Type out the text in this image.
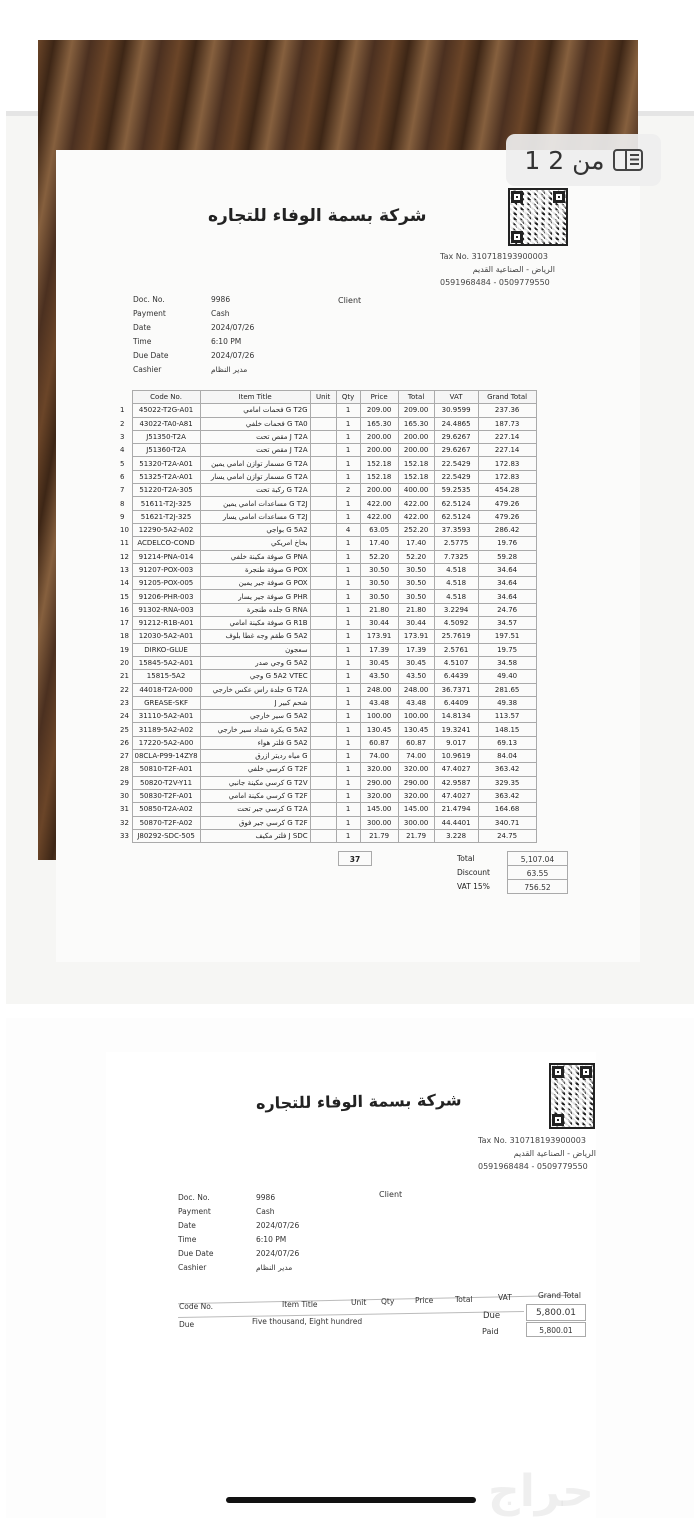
1 من 2
شركة بسمة الوفاء للتجاره
Tax No. 310718193900003
الرياض - الصناعية القديم
0591968484 - 0509779550
Doc. No.	9986
Payment	Cash
Date	2024/07/26
Time	6:10 PM
Due Date	2024/07/26
Cashier	مدير النظام
Client
	Code No.	Item Title	Unit	Qty	Price	Total	VAT	Grand Total
1	45022-T2G-A01	G T2G فحمات امامي		1	209.00	209.00	30.9599	237.36
2	43022-TA0-A81	G TA0 فحمات خلفي		1	165.30	165.30	24.4865	187.73
3	J51350-T2A	J T2A مقص تحت		1	200.00	200.00	29.6267	227.14
4	J51360-T2A	J T2A مقص تحت		1	200.00	200.00	29.6267	227.14
5	51320-T2A-A01	G T2A مسمار توازن امامي يمين		1	152.18	152.18	22.5429	172.83
6	51325-T2A-A01	G T2A مسمار توازن امامي يسار		1	152.18	152.18	22.5429	172.83
7	51220-T2A-305	G T2A ركبة تحت		2	200.00	400.00	59.2535	454.28
8	51611-T2J-325	G T2J مساعدات امامي يمين		1	422.00	422.00	62.5124	479.26
9	51621-T2J-325	G T2J مساعدات امامي يسار		1	422.00	422.00	62.5124	479.26
10	12290-5A2-A02	G 5A2 بواجي		4	63.05	252.20	37.3593	286.42
11	ACDELCO-COND	بخاخ امريكي		1	17.40	17.40	2.5775	19.76
12	91214-PNA-014	G PNA صوفة مكينة خلفي		1	52.20	52.20	7.7325	59.28
13	91207-POX-003	G POX صوفة طنجرة		1	30.50	30.50	4.518	34.64
14	91205-POX-005	G POX صوفة جير يمين		1	30.50	30.50	4.518	34.64
15	91206-PHR-003	G PHR صوفة جير يسار		1	30.50	30.50	4.518	34.64
16	91302-RNA-003	G RNA جلده طنجرة		1	21.80	21.80	3.2294	24.76
17	91212-R1B-A01	G R1B صوفة مكينة امامي		1	30.44	30.44	4.5092	34.57
18	12030-5A2-A01	G 5A2 طقم وجه غطا بلوف		1	173.91	173.91	25.7619	197.51
19	DIRKO-GLUE	سعجون		1	17.39	17.39	2.5761	19.75
20	15845-5A2-A01	G 5A2 وجي صدر		1	30.45	30.45	4.5107	34.58
21	15815-5A2	G 5A2 VTEC وجي		1	43.50	43.50	6.4439	49.40
22	44018-T2A-000	G T2A جلدة راس عكس خارجي		1	248.00	248.00	36.7371	281.65
23	GREASE-SKF	شحم كبير J		1	43.48	43.48	6.4409	49.38
24	31110-5A2-A01	G 5A2 سير خارجي		1	100.00	100.00	14.8134	113.57
25	31189-5A2-A02	G 5A2 بكرة شداد سير خارجي		1	130.45	130.45	19.3241	148.15
26	17220-5A2-A00	G 5A2 فلتر هواء		1	60.87	60.87	9.017	69.13
27	08CLA-P99-14ZY8	G مياه رديتر ازرق		1	74.00	74.00	10.9619	84.04
28	50810-T2F-A01	G T2F كرسي خلفي		1	320.00	320.00	47.4027	363.42
29	50820-T2V-Y11	G T2V كرسي مكينة جانبي		1	290.00	290.00	42.9587	329.35
30	50830-T2F-A01	G T2F كرسي مكينة امامي		1	320.00	320.00	47.4027	363.42
31	50850-T2A-A02	G T2A كرسي جير تحت		1	145.00	145.00	21.4794	164.68
32	50870-T2F-A02	G T2F كرسي جير فوق		1	300.00	300.00	44.4401	340.71
33	J80292-SDC-505	J SDC فلتر مكيف		1	21.79	21.79	3.228	24.75
37	Total	5,107.04
Discount	63.55
VAT 15%	756.52
شركة بسمة الوفاء للتجاره
Tax No. 310718193900003
الرياض - الصناعية القديم
0591968484 - 0509779550
Doc. No.	9986
Payment	Cash
Date	2024/07/26
Time	6:10 PM
Due Date	2024/07/26
Cashier	مدير النظام
Client
Code No.	Item Title	Unit Qty	Price	Total	VAT	Grand Total
Due	Five thousand, Eight hundred
Due	5,800.01
Paid	5,800.01
حراج
